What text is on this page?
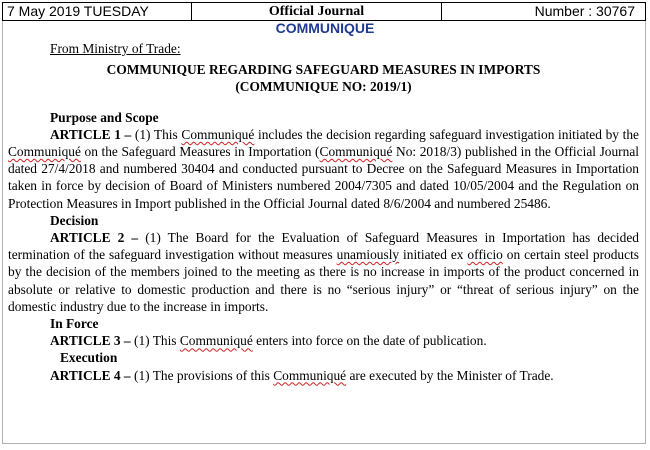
7 May 2019 TUESDAY	Official Journal	Number : 30767
COMMUNIQUE
From Ministry of Trade:
COMMUNIQUE REGARDING SAFEGUARD MEASURES IN IMPORTS
(COMMUNIQUE NO: 2019/1)
Purpose and Scope
ARTICLE 1 – (1) This Communiqué includes the decision regarding safeguard investigation initiated by the Communiqué on the Safeguard Measures in Importation (Communiqué No: 2018/3) published in the Official Journal dated 27/4/2018 and numbered 30404 and conducted pursuant to Decree on the Safeguard Measures in Importation taken in force by decision of Board of Ministers numbered 2004/7305 and dated 10/05/2004 and the Regulation on Protection Measures in Import published in the Official Journal dated 8/6/2004 and numbered 25486.
Decision
ARTICLE 2 – (1) The Board for the Evaluation of Safeguard Measures in Importation has decided termination of the safeguard investigation without measures unamiously initiated ex officio on certain steel products by the decision of the members joined to the meeting as there is no increase in imports of the product concerned in absolute or relative to domestic production and there is no “serious injury” or “threat of serious injury” on the domestic industry due to the increase in imports.
In Force
ARTICLE 3 – (1) This Communiqué enters into force on the date of publication.
Execution
ARTICLE 4 – (1) The provisions of this Communiqué are executed by the Minister of Trade.
